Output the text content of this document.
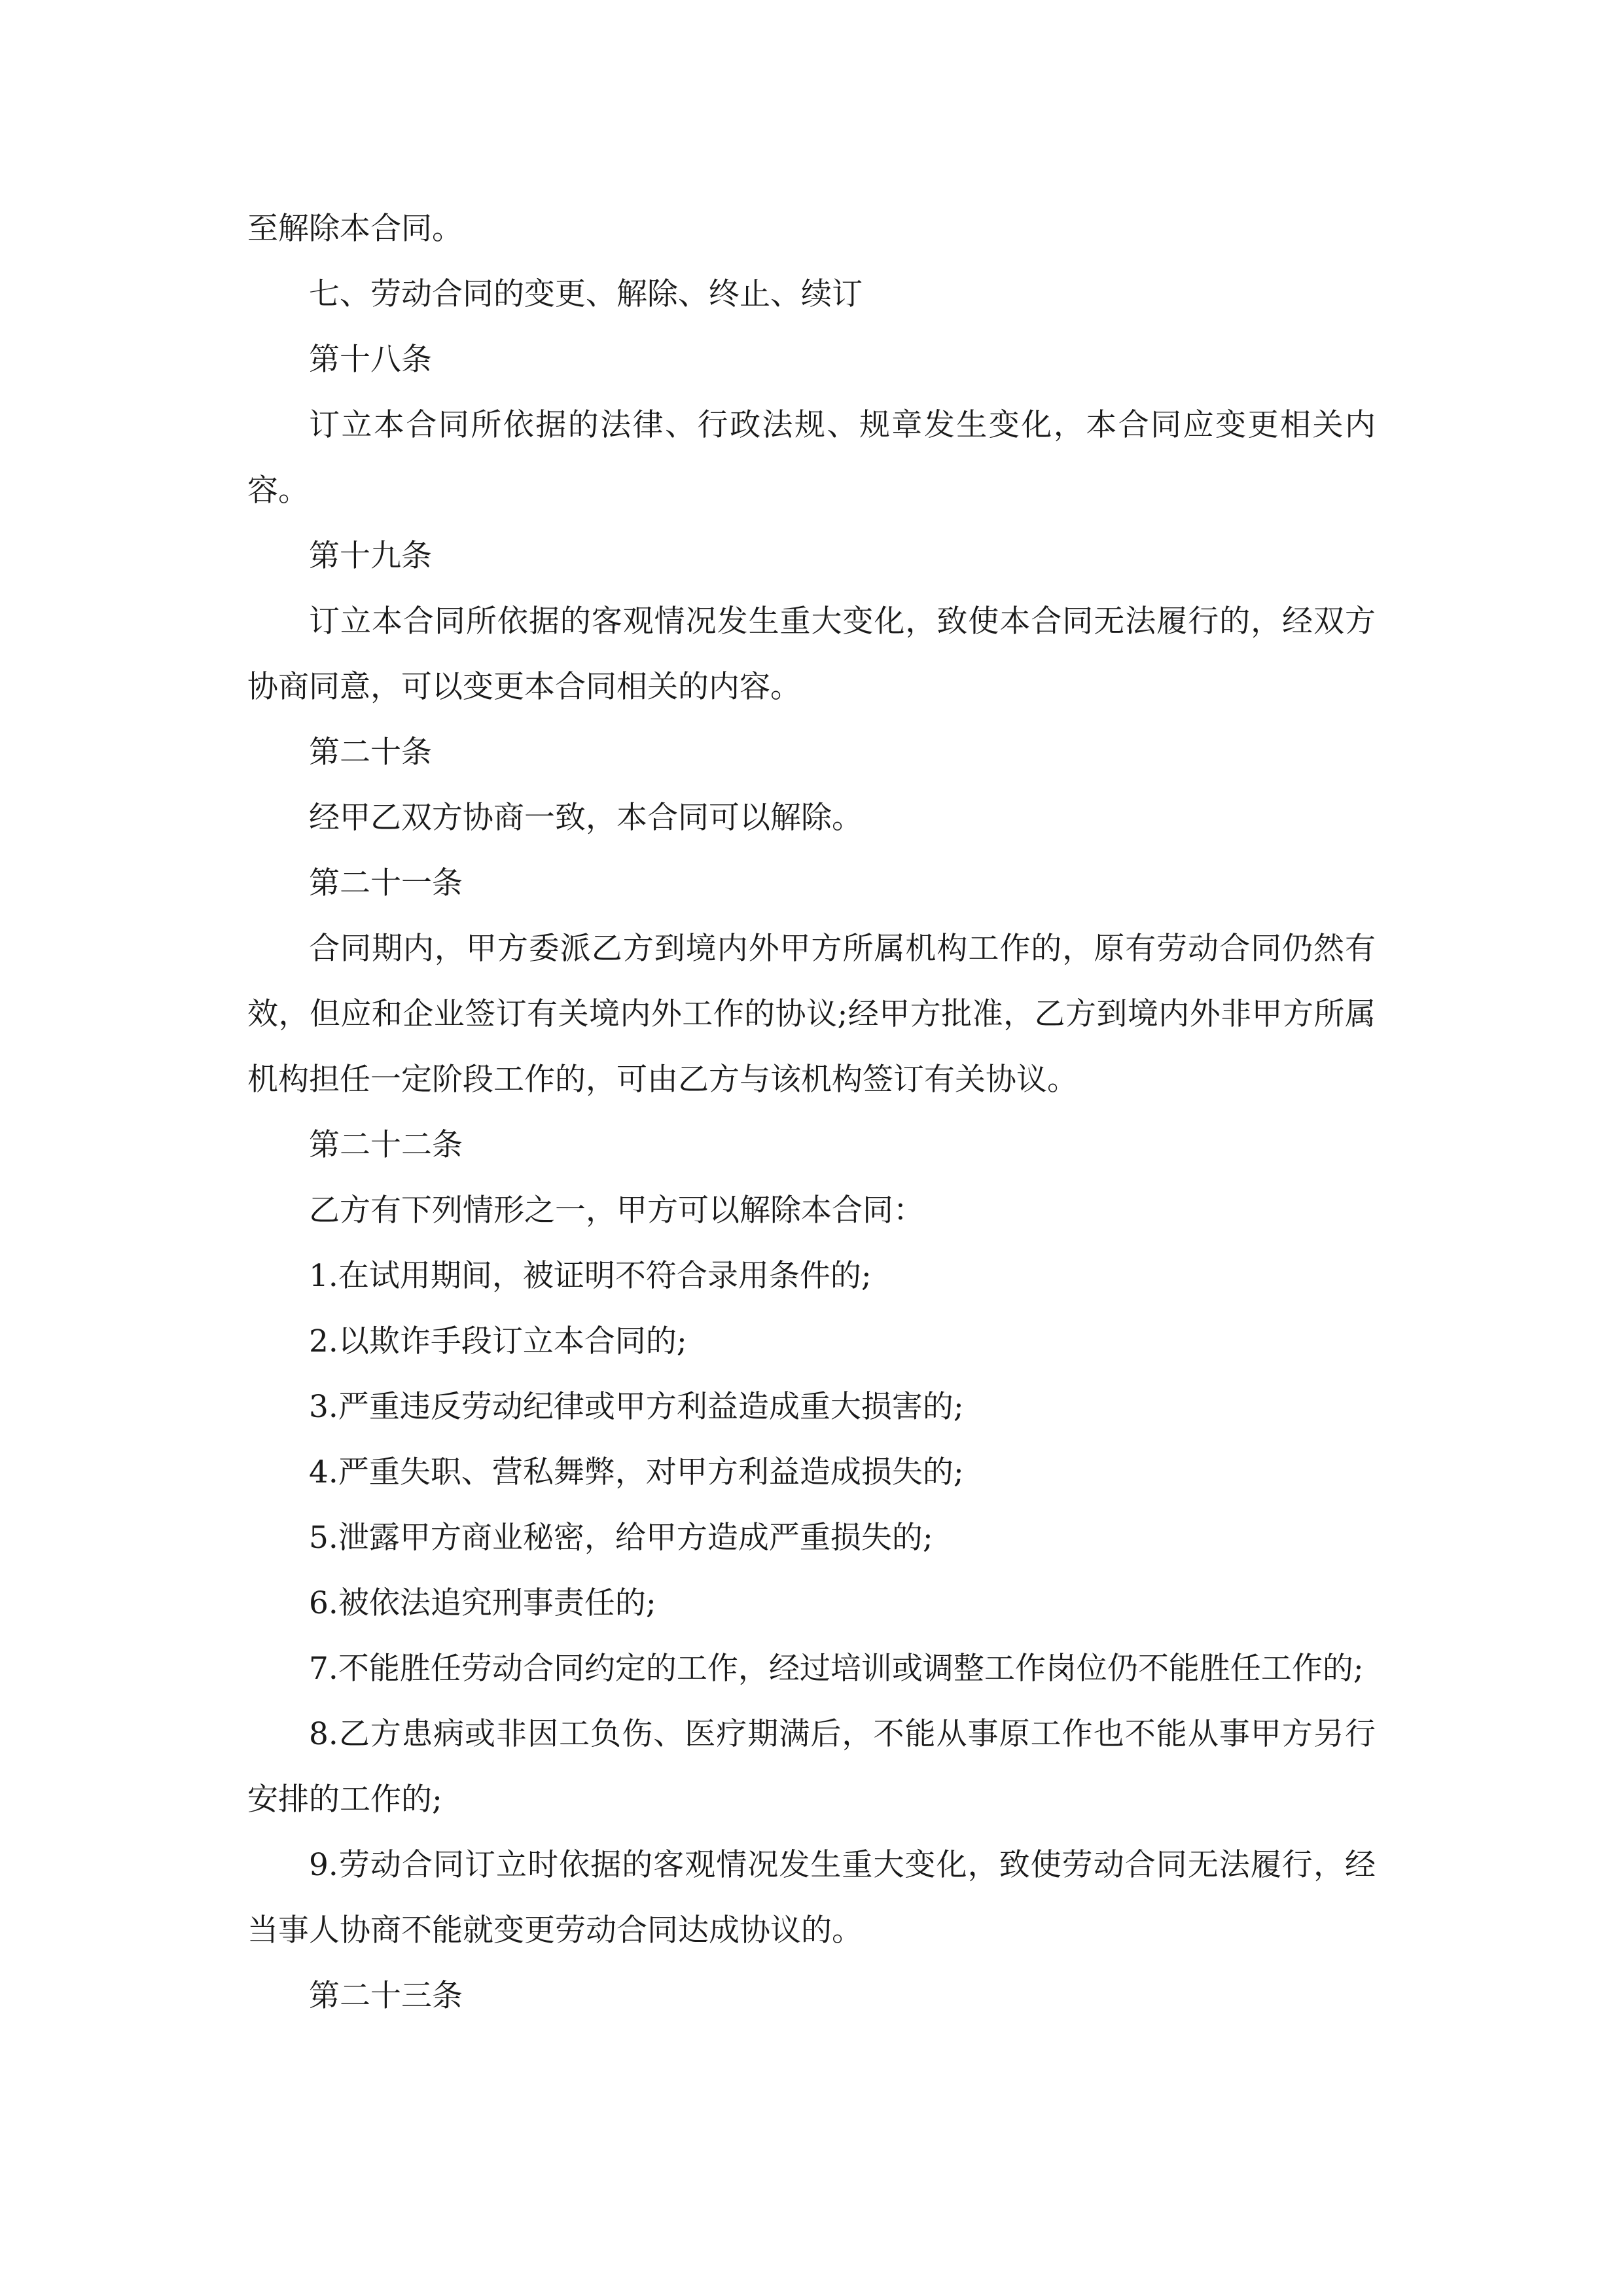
至解除本合同。

七、劳动合同的变更、解除、终止、续订

第十八条

订立本合同所依据的法律、行政法规、规章发生变化，本合同应变更相关内容。

第十九条

订立本合同所依据的客观情况发生重大变化，致使本合同无法履行的，经双方协商同意，可以变更本合同相关的内容。

第二十条

经甲乙双方协商一致，本合同可以解除。

第二十一条

合同期内，甲方委派乙方到境内外甲方所属机构工作的，原有劳动合同仍然有效，但应和企业签订有关境内外工作的协议;经甲方批准，乙方到境内外非甲方所属机构担任一定阶段工作的，可由乙方与该机构签订有关协议。

第二十二条

乙方有下列情形之一，甲方可以解除本合同：

1.在试用期间，被证明不符合录用条件的;

2.以欺诈手段订立本合同的;

3.严重违反劳动纪律或甲方利益造成重大损害的;

4.严重失职、营私舞弊，对甲方利益造成损失的;

5.泄露甲方商业秘密，给甲方造成严重损失的;

6.被依法追究刑事责任的;

7.不能胜任劳动合同约定的工作，经过培训或调整工作岗位仍不能胜任工作的;

8.乙方患病或非因工负伤、医疗期满后，不能从事原工作也不能从事甲方另行安排的工作的;

9.劳动合同订立时依据的客观情况发生重大变化，致使劳动合同无法履行，经当事人协商不能就变更劳动合同达成协议的。

第二十三条
